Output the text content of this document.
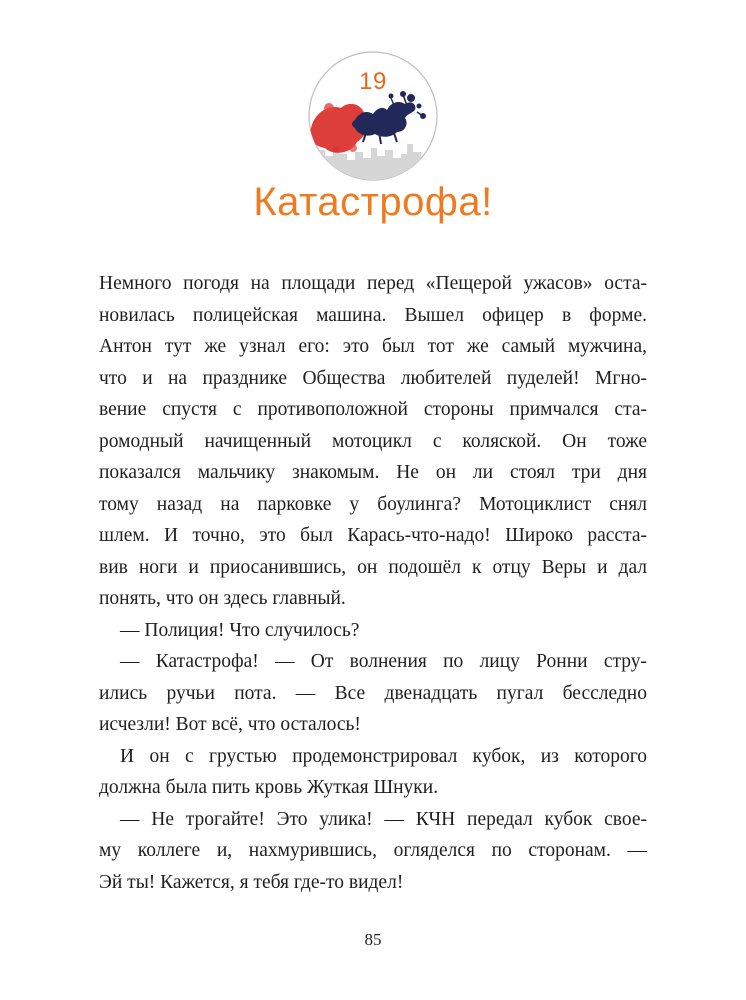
19
Катастрофа!
Немного погодя на площади перед «Пещерой ужасов» оста-
новилась полицейская машина. Вышел офицер в форме.
Антон тут же узнал его: это был тот же самый мужчина,
что и на празднике Общества любителей пуделей! Мгно-
вение спустя с противоположной стороны примчался ста-
ромодный начищенный мотоцикл с коляской. Он тоже
показался мальчику знакомым. Не он ли стоял три дня
тому назад на парковке у боулинга? Мотоциклист снял
шлем. И точно, это был Карась-что-надо! Широко расста-
вив ноги и приосанившись, он подошёл к отцу Веры и дал
понять, что он здесь главный.
— Полиция! Что случилось?
— Катастрофа! — От волнения по лицу Ронни стру-
ились ручьи пота. — Все двенадцать пугал бесследно
исчезли! Вот всё, что осталось!
И он с грустью продемонстрировал кубок, из которого
должна была пить кровь Жуткая Шнуки.
— Не трогайте! Это улика! — КЧН передал кубок свое-
му коллеге и, нахмурившись, огляделся по сторонам. —
Эй ты! Кажется, я тебя где-то видел!
85
